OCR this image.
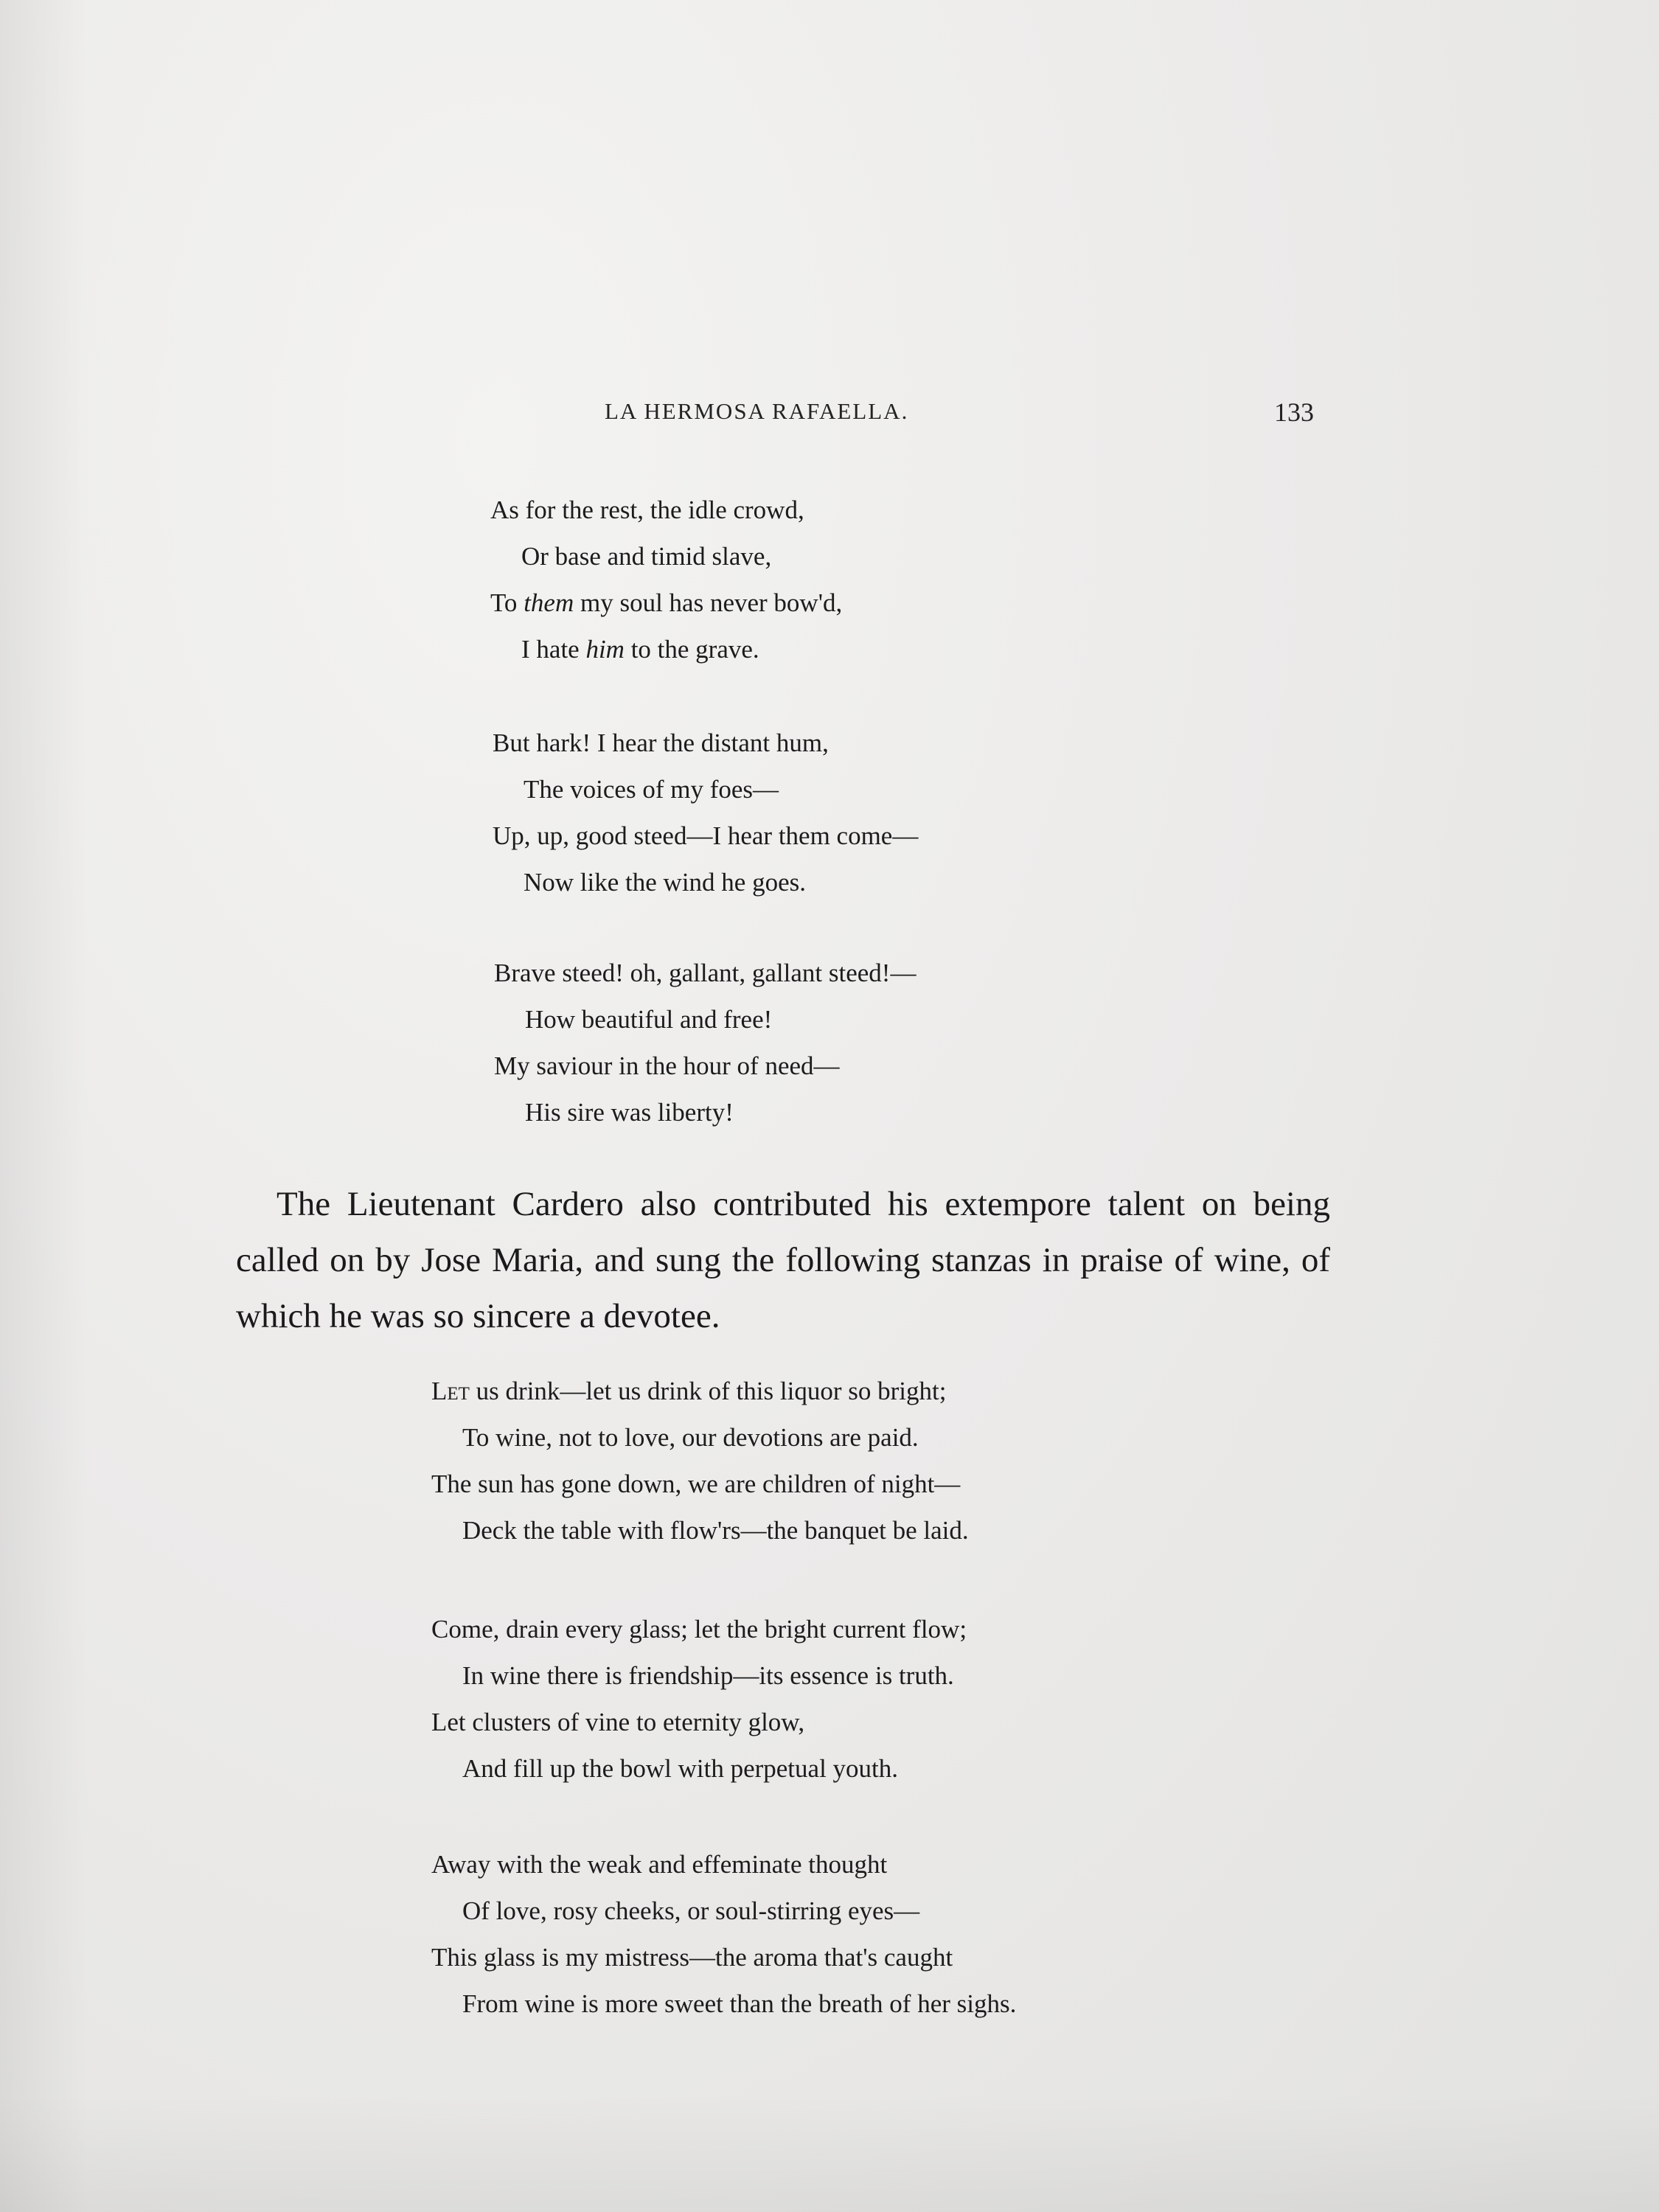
LA HERMOSA RAFAELLA.	133
As for the rest, the idle crowd,
Or base and timid slave,
To them my soul has never bow'd,
I hate him to the grave.
But hark! I hear the distant hum,
The voices of my foes—
Up, up, good steed—I hear them come—
Now like the wind he goes.
Brave steed! oh, gallant, gallant steed!—
How beautiful and free!
My saviour in the hour of need—
His sire was liberty!
The Lieutenant Cardero also contributed his extempore talent on being called on by Jose Maria, and sung the following stanzas in praise of wine, of which he was so sincere a devotee.
Let us drink—let us drink of this liquor so bright;
To wine, not to love, our devotions are paid.
The sun has gone down, we are children of night—
Deck the table with flow'rs—the banquet be laid.
Come, drain every glass; let the bright current flow;
In wine there is friendship—its essence is truth.
Let clusters of vine to eternity glow,
And fill up the bowl with perpetual youth.
Away with the weak and effeminate thought
Of love, rosy cheeks, or soul-stirring eyes—
This glass is my mistress—the aroma that's caught
From wine is more sweet than the breath of her sighs.
